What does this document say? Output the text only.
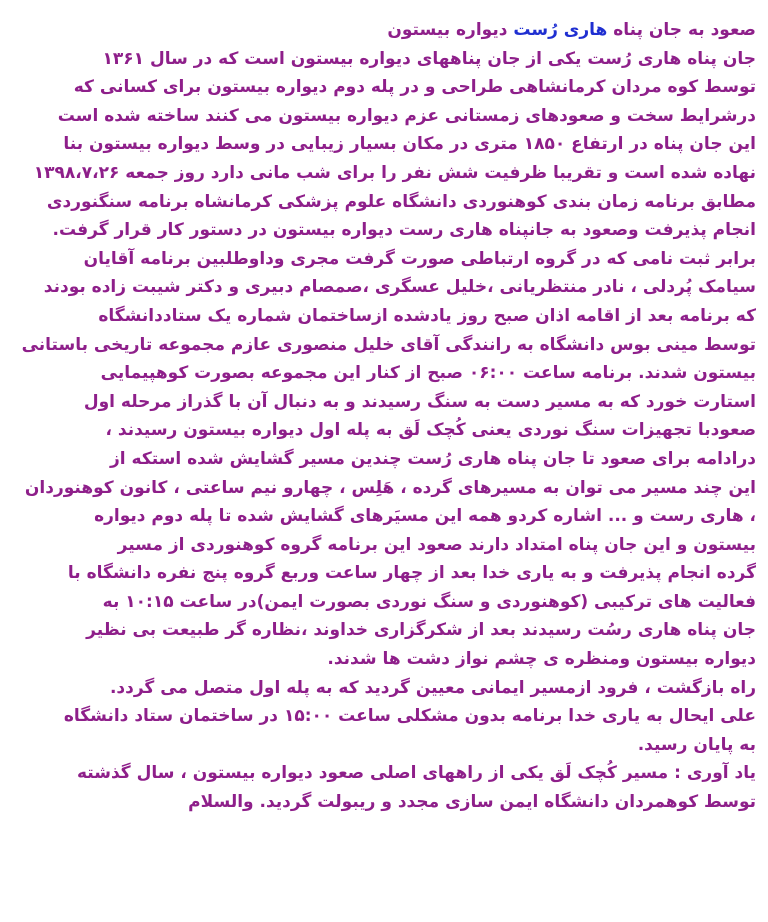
صعود به جان پناه هاری رُست دیواره بیستون
جان پناه هاری رُست یکی از جان پناههای دیواره بیستون است که در سال ۱۳۶۱
توسط کوه مردان کرمانشاهی طراحی و در پله دوم دیواره بیستون برای کسانی که
درشرایط سخت و صعودهای زمستانی عزم دیواره بیستون می کنند ساخته شده است
این جان پناه در ارتفاع ۱۸۵۰ متری در مکان بسیار زیبایی در وسط دیواره بیستون بنا
نهاده شده است و تقریبا ظرفیت شش نفر را برای شب مانی دارد روز جمعه ۱۳۹۸،۷،۲۶
مطابق برنامه زمان بندی کوهنوردی دانشگاه علوم پزشکی کرمانشاه برنامه سنگنوردی
انجام پذیرفت وصعود به جانپناه هاری رست دیواره بیستون در دستور کار قرار گرفت.
برابر ثبت نامی که در گروه ارتباطی صورت گرفت مجری وداوطلبین برنامه آقایان
سیامک پُردلی ، نادر منتظریانی ،خلیل عسگری ،صمصام دبیری و دکتر شیبت زاده بودند
که برنامه بعد از اقامه اذان صبح روز یادشده ازساختمان شماره یک ستاددانشگاه
توسط مینی بوس دانشگاه به رانندگی آقای خلیل منصوری عازم مجموعه تاریخی باستانی
بیستون شدند. برنامه ساعت ۰۶:۰۰ صبح از کنار این مجموعه بصورت کوهپیمایی
استارت خورد که به مسیر دست به سنگ رسیدند و به دنبال آن با گذراز مرحله اول
صعودبا تجهیزات سنگ نوردی یعنی کُچک لَق به پله اول دیواره بیستون رسیدند ،
درادامه برای صعود تا جان پناه هاری رُست چندین مسیر گشایش شده استکه از
این چند مسیر می توان به مسیرهای گرده ، هَلِس ، چهارو نیم ساعتی ، کانون کوهنوردان
، هاری رست و ... اشاره کردو همه این مسیَرهای گشایش شده تا پله دوم دیواره
بیستون و این جان پناه امتداد دارند صعود این برنامه گروه کوهنوردی از مسیر
گرده انجام پذیرفت و به یاری خدا بعد از چهار ساعت وربع گروه پنج نفره دانشگاه با
فعالیت های ترکیبی (کوهنوردی و سنگ نوردی بصورت ایمن)در ساعت ۱۰:۱۵ به
جان پناه هاری رسُت رسیدند بعد از شکرگزاری خداوند ،نظاره گر طبیعت بی نظیر
دیواره بیستون ومنظره ی چشم نواز دشت ها شدند.
راه بازگشت ، فرود ازمسیر ایمانی معیین گردید که به پله اول متصل می گردد.
علی ایحال به یاری خدا برنامه بدون مشکلی ساعت ۱۵:۰۰ در ساختمان ستاد دانشگاه
به پایان رسید.
یاد آوری : مسیر کُچک لَق یکی از راههای اصلی صعود دیواره بیستون ، سال گذشته
توسط کوهمردان دانشگاه ایمن سازی مجدد و ریبولت گردید. والسلام
